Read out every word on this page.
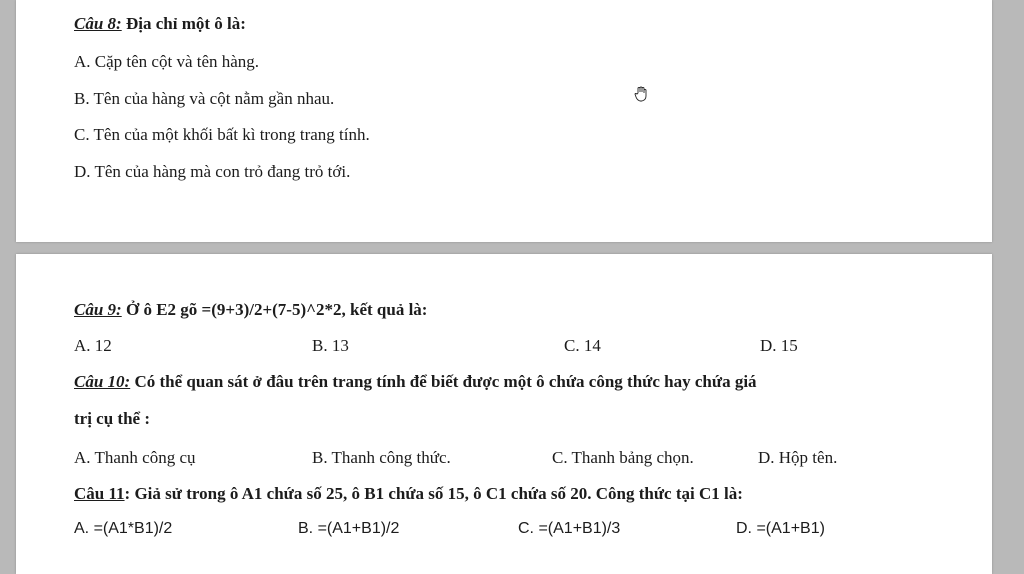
Câu 8: Địa chỉ một ô là:
A. Cặp tên cột và tên hàng.
B. Tên của hàng và cột nằm gần nhau.
C. Tên của một khối bất kì trong trang tính.
D. Tên của hàng mà con trỏ đang trỏ tới.
Câu 9: Ở ô E2 gõ =(9+3)/2+(7-5)^2*2, kết quả là:
A. 12	B. 13	C. 14	D. 15
Câu 10: Có thể quan sát ở đâu trên trang tính để biết được một ô chứa công thức hay chứa giá
trị cụ thể :
A. Thanh công cụ	B. Thanh công thức.	C. Thanh bảng chọn.	D. Hộp tên.
Câu 11: Giả sử trong ô A1 chứa số 25, ô B1 chứa số 15, ô C1 chứa số 20. Công thức tại C1 là:
A. =(A1*B1)/2	B. =(A1+B1)/2	C. =(A1+B1)/3	D. =(A1+B1)
